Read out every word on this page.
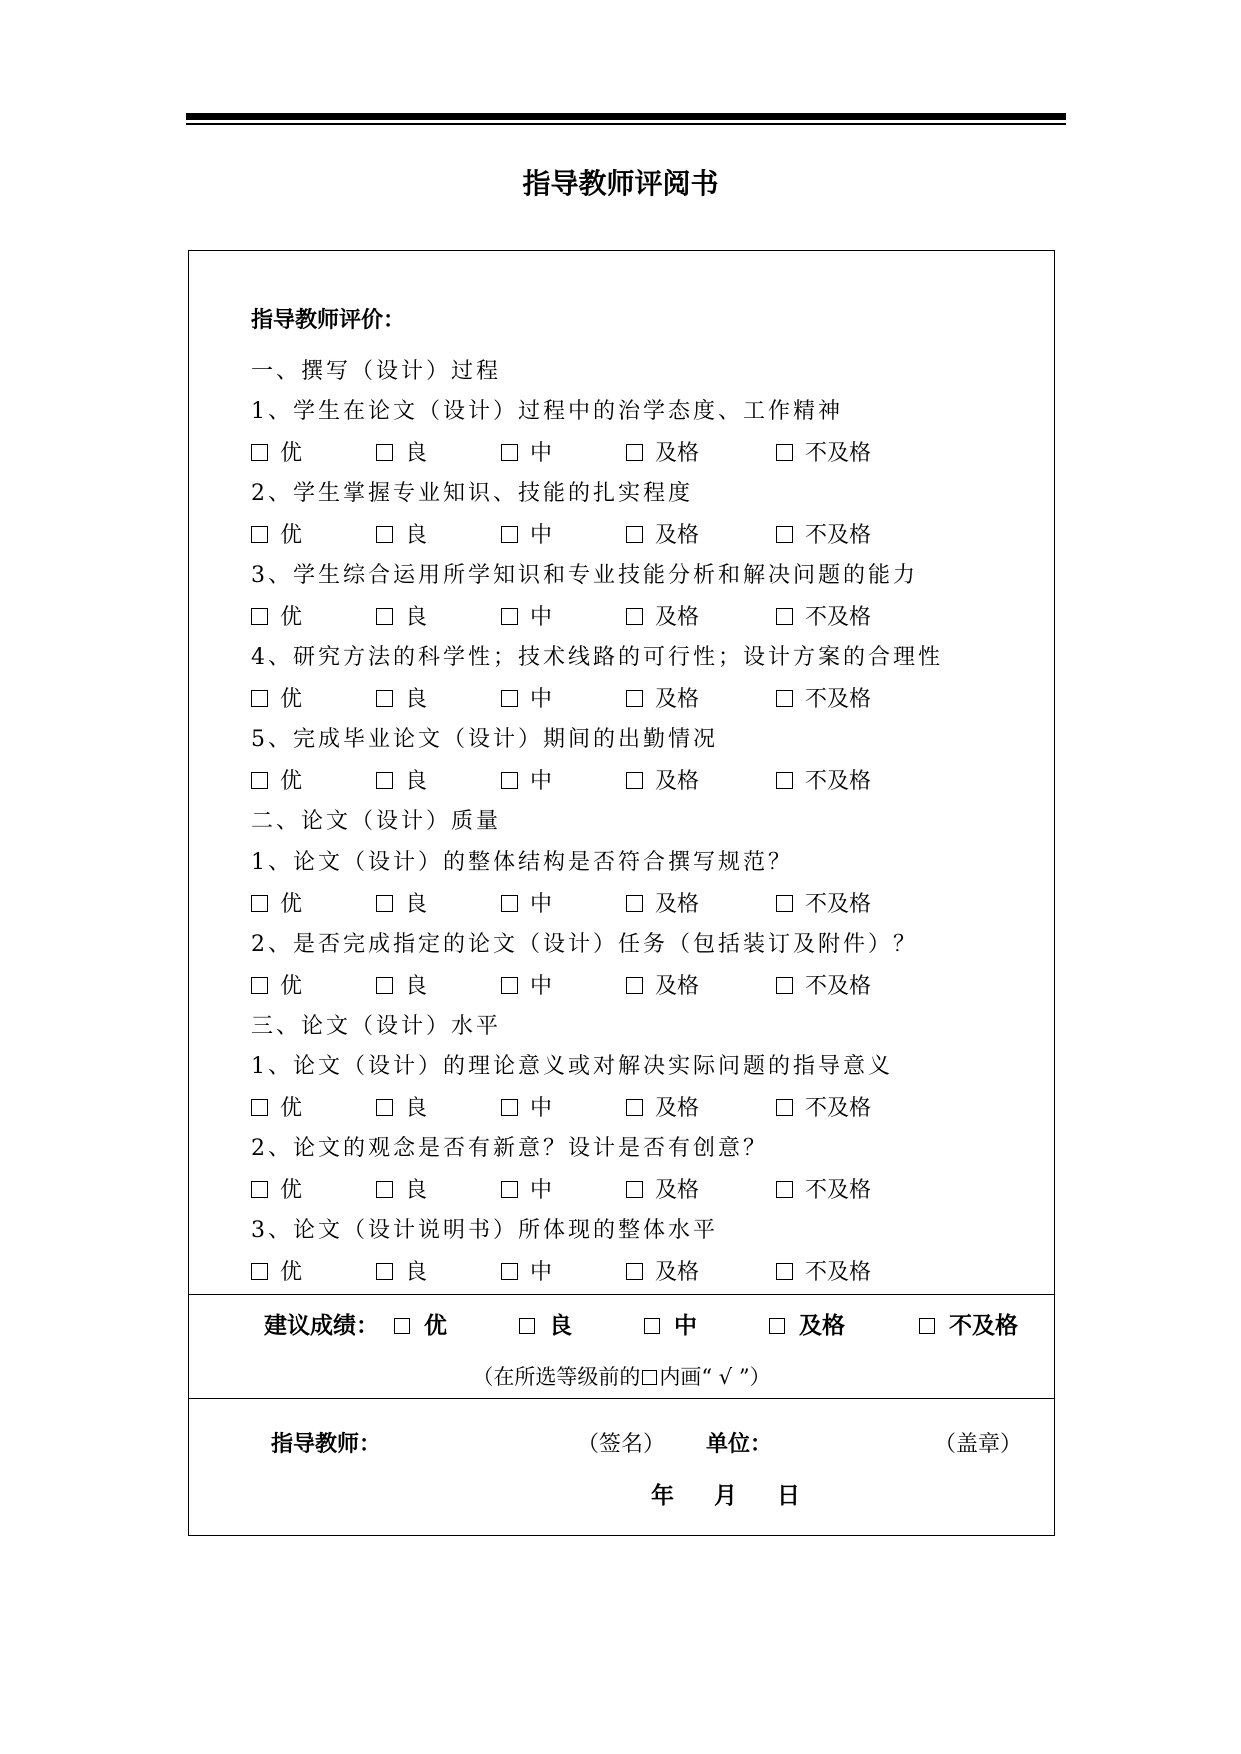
指导教师评阅书
指导教师评价：
一、撰写（设计）过程
1、学生在论文（设计）过程中的治学态度、工作精神
优	良	中	及格	不及格
2、学生掌握专业知识、技能的扎实程度
优	良	中	及格	不及格
3、学生综合运用所学知识和专业技能分析和解决问题的能力
优	良	中	及格	不及格
4、研究方法的科学性；技术线路的可行性；设计方案的合理性
优	良	中	及格	不及格
5、完成毕业论文（设计）期间的出勤情况
优	良	中	及格	不及格
二、论文（设计）质量
1、论文（设计）的整体结构是否符合撰写规范？
优	良	中	及格	不及格
2、是否完成指定的论文（设计）任务（包括装订及附件）？
优	良	中	及格	不及格
三、论文（设计）水平
1、论文（设计）的理论意义或对解决实际问题的指导意义
优	良	中	及格	不及格
2、论文的观念是否有新意？设计是否有创意？
优	良	中	及格	不及格
3、论文（设计说明书）所体现的整体水平
优	良	中	及格	不及格
建议成绩：	优	良	中	及格	不及格
（在所选等级前的 内画“ √ ”）
指导教师：	（签名） 单位：	（盖章）
年 月 日
